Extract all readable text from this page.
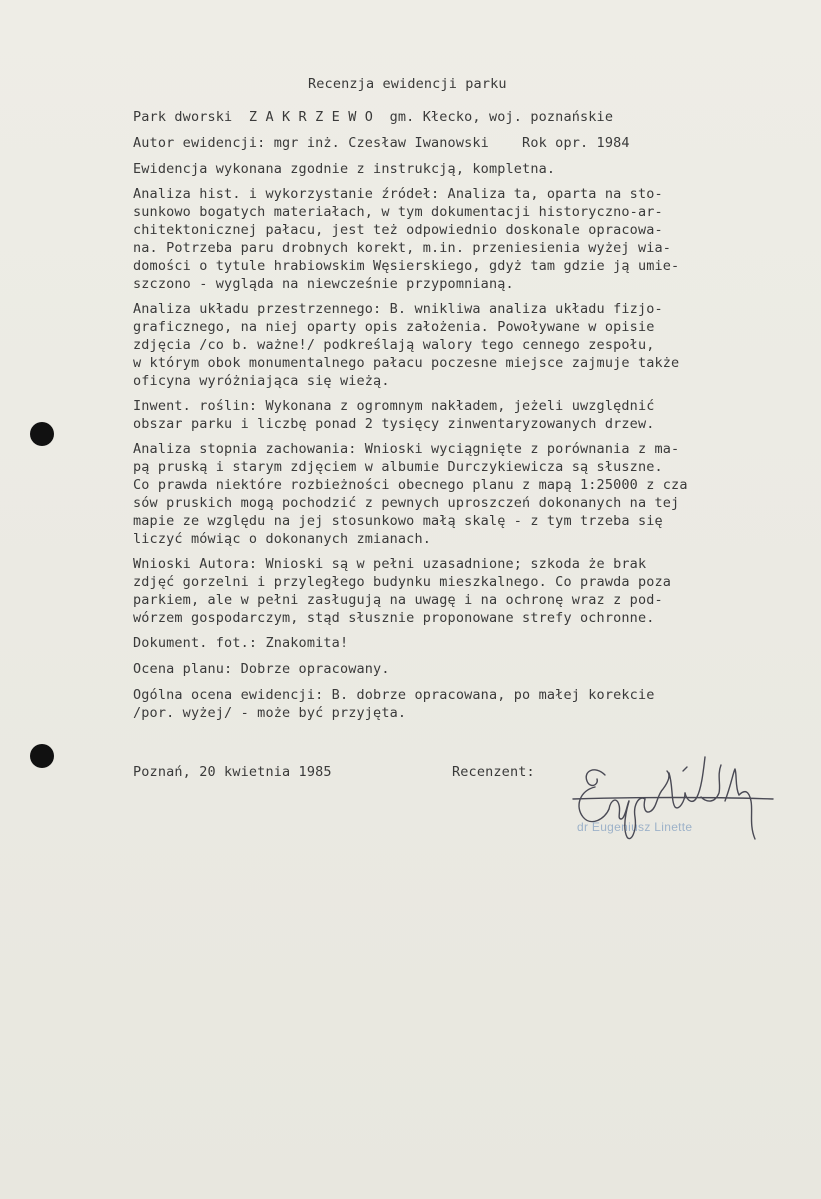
Recenzja ewidencji parku
Park dworski  Z A K R Z E W O  gm. Kłecko, woj. poznańskie
Autor ewidencji: mgr inż. Czesław Iwanowski    Rok opr. 1984
Ewidencja wykonana zgodnie z instrukcją, kompletna.
Analiza hist. i wykorzystanie źródeł: Analiza ta, oparta na sto-
sunkowo bogatych materiałach, w tym dokumentacji historyczno-ar-
chitektonicznej pałacu, jest też odpowiednio doskonale opracowa-
na. Potrzeba paru drobnych korekt, m.in. przeniesienia wyżej wia-
domości o tytule hrabiowskim Węsierskiego, gdyż tam gdzie ją umie-
szczono - wygląda na niewcześnie przypomnianą.
Analiza układu przestrzennego: B. wnikliwa analiza układu fizjo-
graficznego, na niej oparty opis założenia. Powoływane w opisie
zdjęcia /co b. ważne!/ podkreślają walory tego cennego zespołu,
w którym obok monumentalnego pałacu poczesne miejsce zajmuje także
oficyna wyróżniająca się wieżą.
Inwent. roślin: Wykonana z ogromnym nakładem, jeżeli uwzględnić
obszar parku i liczbę ponad 2 tysięcy zinwentaryzowanych drzew.
Analiza stopnia zachowania: Wnioski wyciągnięte z porównania z ma-
pą pruską i starym zdjęciem w albumie Durczykiewicza są słuszne.
Co prawda niektóre rozbieżności obecnego planu z mapą 1:25000 z cza
sów pruskich mogą pochodzić z pewnych uproszczeń dokonanych na tej
mapie ze względu na jej stosunkowo małą skalę - z tym trzeba się
liczyć mówiąc o dokonanych zmianach.
Wnioski Autora: Wnioski są w pełni uzasadnione; szkoda że brak
zdjęć gorzelni i przyległego budynku mieszkalnego. Co prawda poza
parkiem, ale w pełni zasługują na uwagę i na ochronę wraz z pod-
wórzem gospodarczym, stąd słusznie proponowane strefy ochronne.
Dokument. fot.: Znakomita!
Ocena planu: Dobrze opracowany.
Ogólna ocena ewidencji: B. dobrze opracowana, po małej korekcie
/por. wyżej/ - może być przyjęta.
Poznań, 20 kwietnia 1985	Recenzent:
dr Eugeniusz Linette
